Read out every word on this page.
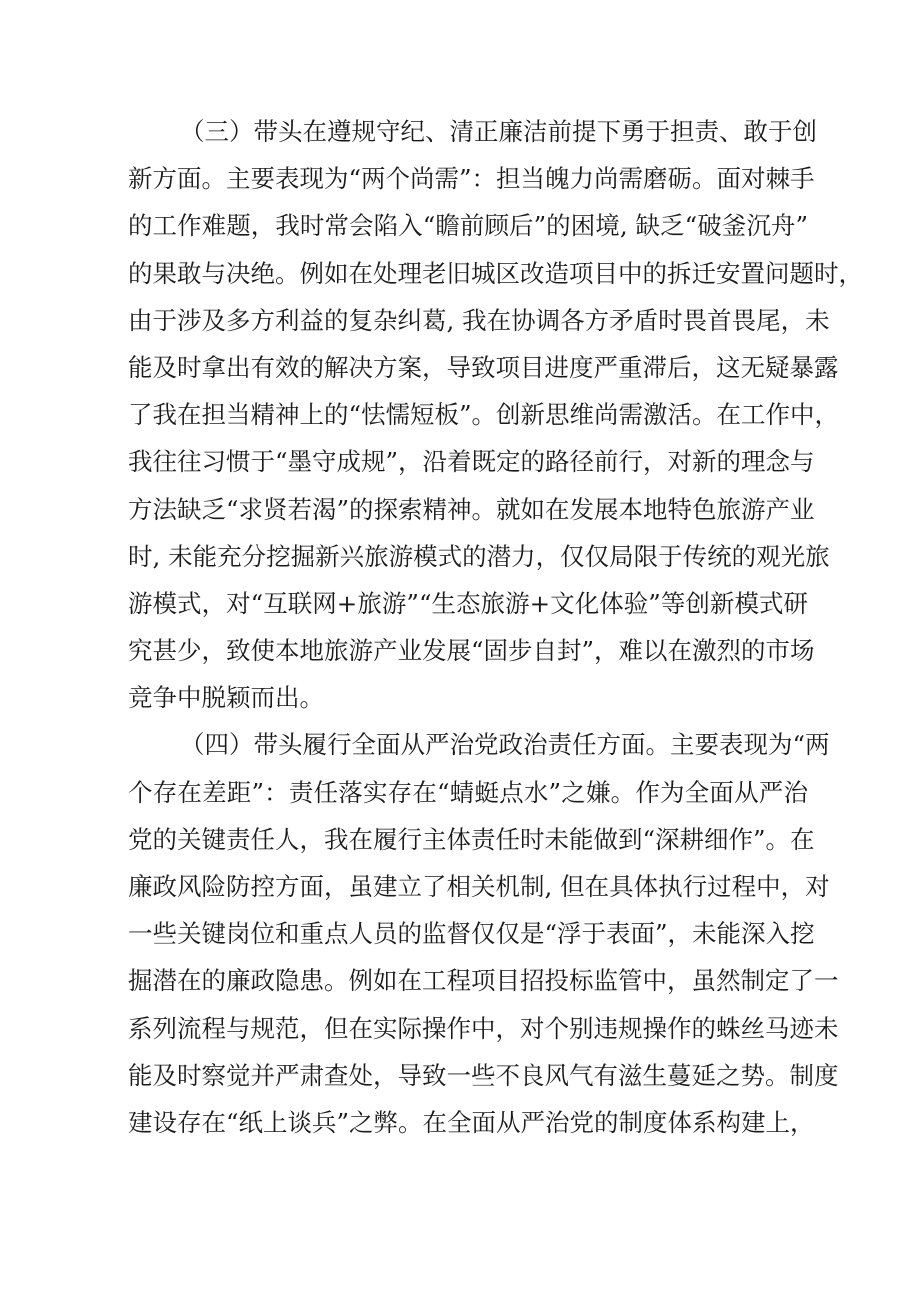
（三）带头在遵规守纪、清正廉洁前提下勇于担责、敢于创
新方面。主要表现为“两个尚需”：担当魄力尚需磨砺。面对棘手
的工作难题，我时常会陷入“瞻前顾后”的困境, 缺乏“破釜沉舟”
的果敢与决绝。例如在处理老旧城区改造项目中的拆迁安置问题时，
由于涉及多方利益的复杂纠葛, 我在协调各方矛盾时畏首畏尾，未
能及时拿出有效的解决方案，导致项目进度严重滞后，这无疑暴露
了我在担当精神上的“怯懦短板”。创新思维尚需激活。在工作中，
我往往习惯于“墨守成规”，沿着既定的路径前行，对新的理念与
方法缺乏“求贤若渴”的探索精神。就如在发展本地特色旅游产业
时, 未能充分挖掘新兴旅游模式的潜力，仅仅局限于传统的观光旅
游模式，对“互联网+旅游”“生态旅游+文化体验”等创新模式研
究甚少，致使本地旅游产业发展“固步自封”，难以在激烈的市场
竞争中脱颖而出。
（四）带头履行全面从严治党政治责任方面。主要表现为“两
个存在差距”：责任落实存在“蜻蜓点水”之嫌。作为全面从严治
党的关键责任人，我在履行主体责任时未能做到“深耕细作”。在
廉政风险防控方面，虽建立了相关机制, 但在具体执行过程中，对
一些关键岗位和重点人员的监督仅仅是“浮于表面”，未能深入挖
掘潜在的廉政隐患。例如在工程项目招投标监管中，虽然制定了一
系列流程与规范，但在实际操作中，对个别违规操作的蛛丝马迹未
能及时察觉并严肃查处，导致一些不良风气有滋生蔓延之势。制度
建设存在“纸上谈兵”之弊。在全面从严治党的制度体系构建上，
